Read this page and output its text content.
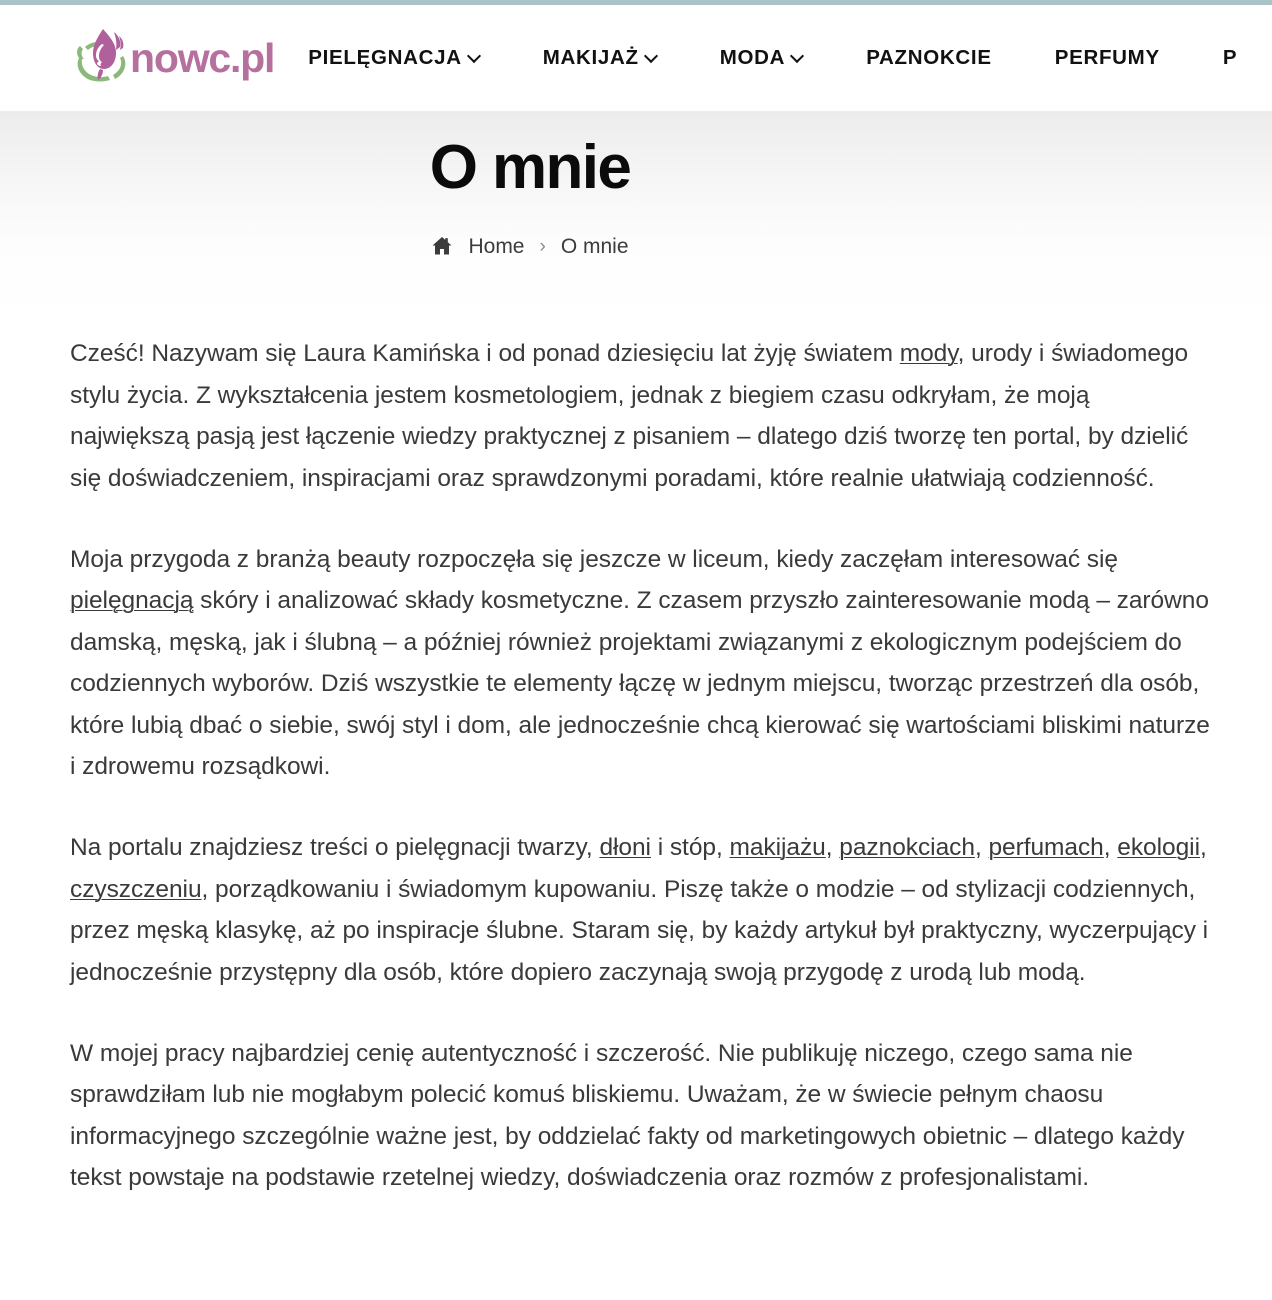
nowc.pl PIELĘGNACJA	MAKIJAŻ	MODA	PAZNOKCIE	PERFUMY	P
O mnie
Home › O mnie

Cześć! Nazywam się Laura Kamińska i od ponad dziesięciu lat żyję światem mody, urody i świadomego stylu życia. Z wykształcenia jestem kosmetologiem, jednak z biegiem czasu odkryłam, że moją największą pasją jest łączenie wiedzy praktycznej z pisaniem – dlatego dziś tworzę ten portal, by dzielić się doświadczeniem, inspiracjami oraz sprawdzonymi poradami, które realnie ułatwiają codzienność.

Moja przygoda z branżą beauty rozpoczęła się jeszcze w liceum, kiedy zaczęłam interesować się pielęgnacją skóry i analizować składy kosmetyczne. Z czasem przyszło zainteresowanie modą – zarówno damską, męską, jak i ślubną – a później również projektami związanymi z ekologicznym podejściem do codziennych wyborów. Dziś wszystkie te elementy łączę w jednym miejscu, tworząc przestrzeń dla osób, które lubią dbać o siebie, swój styl i dom, ale jednocześnie chcą kierować się wartościami bliskimi naturze i zdrowemu rozsądkowi.

Na portalu znajdziesz treści o pielęgnacji twarzy, dłoni i stóp, makijażu, paznokciach, perfumach, ekologii, czyszczeniu, porządkowaniu i świadomym kupowaniu. Piszę także o modzie – od stylizacji codziennych, przez męską klasykę, aż po inspiracje ślubne. Staram się, by każdy artykuł był praktyczny, wyczerpujący i jednocześnie przystępny dla osób, które dopiero zaczynają swoją przygodę z urodą lub modą.

W mojej pracy najbardziej cenię autentyczność i szczerość. Nie publikuję niczego, czego sama nie sprawdziłam lub nie mogłabym polecić komuś bliskiemu. Uważam, że w świecie pełnym chaosu informacyjnego szczególnie ważne jest, by oddzielać fakty od marketingowych obietnic – dlatego każdy tekst powstaje na podstawie rzetelnej wiedzy, doświadczenia oraz rozmów z profesjonalistami.
